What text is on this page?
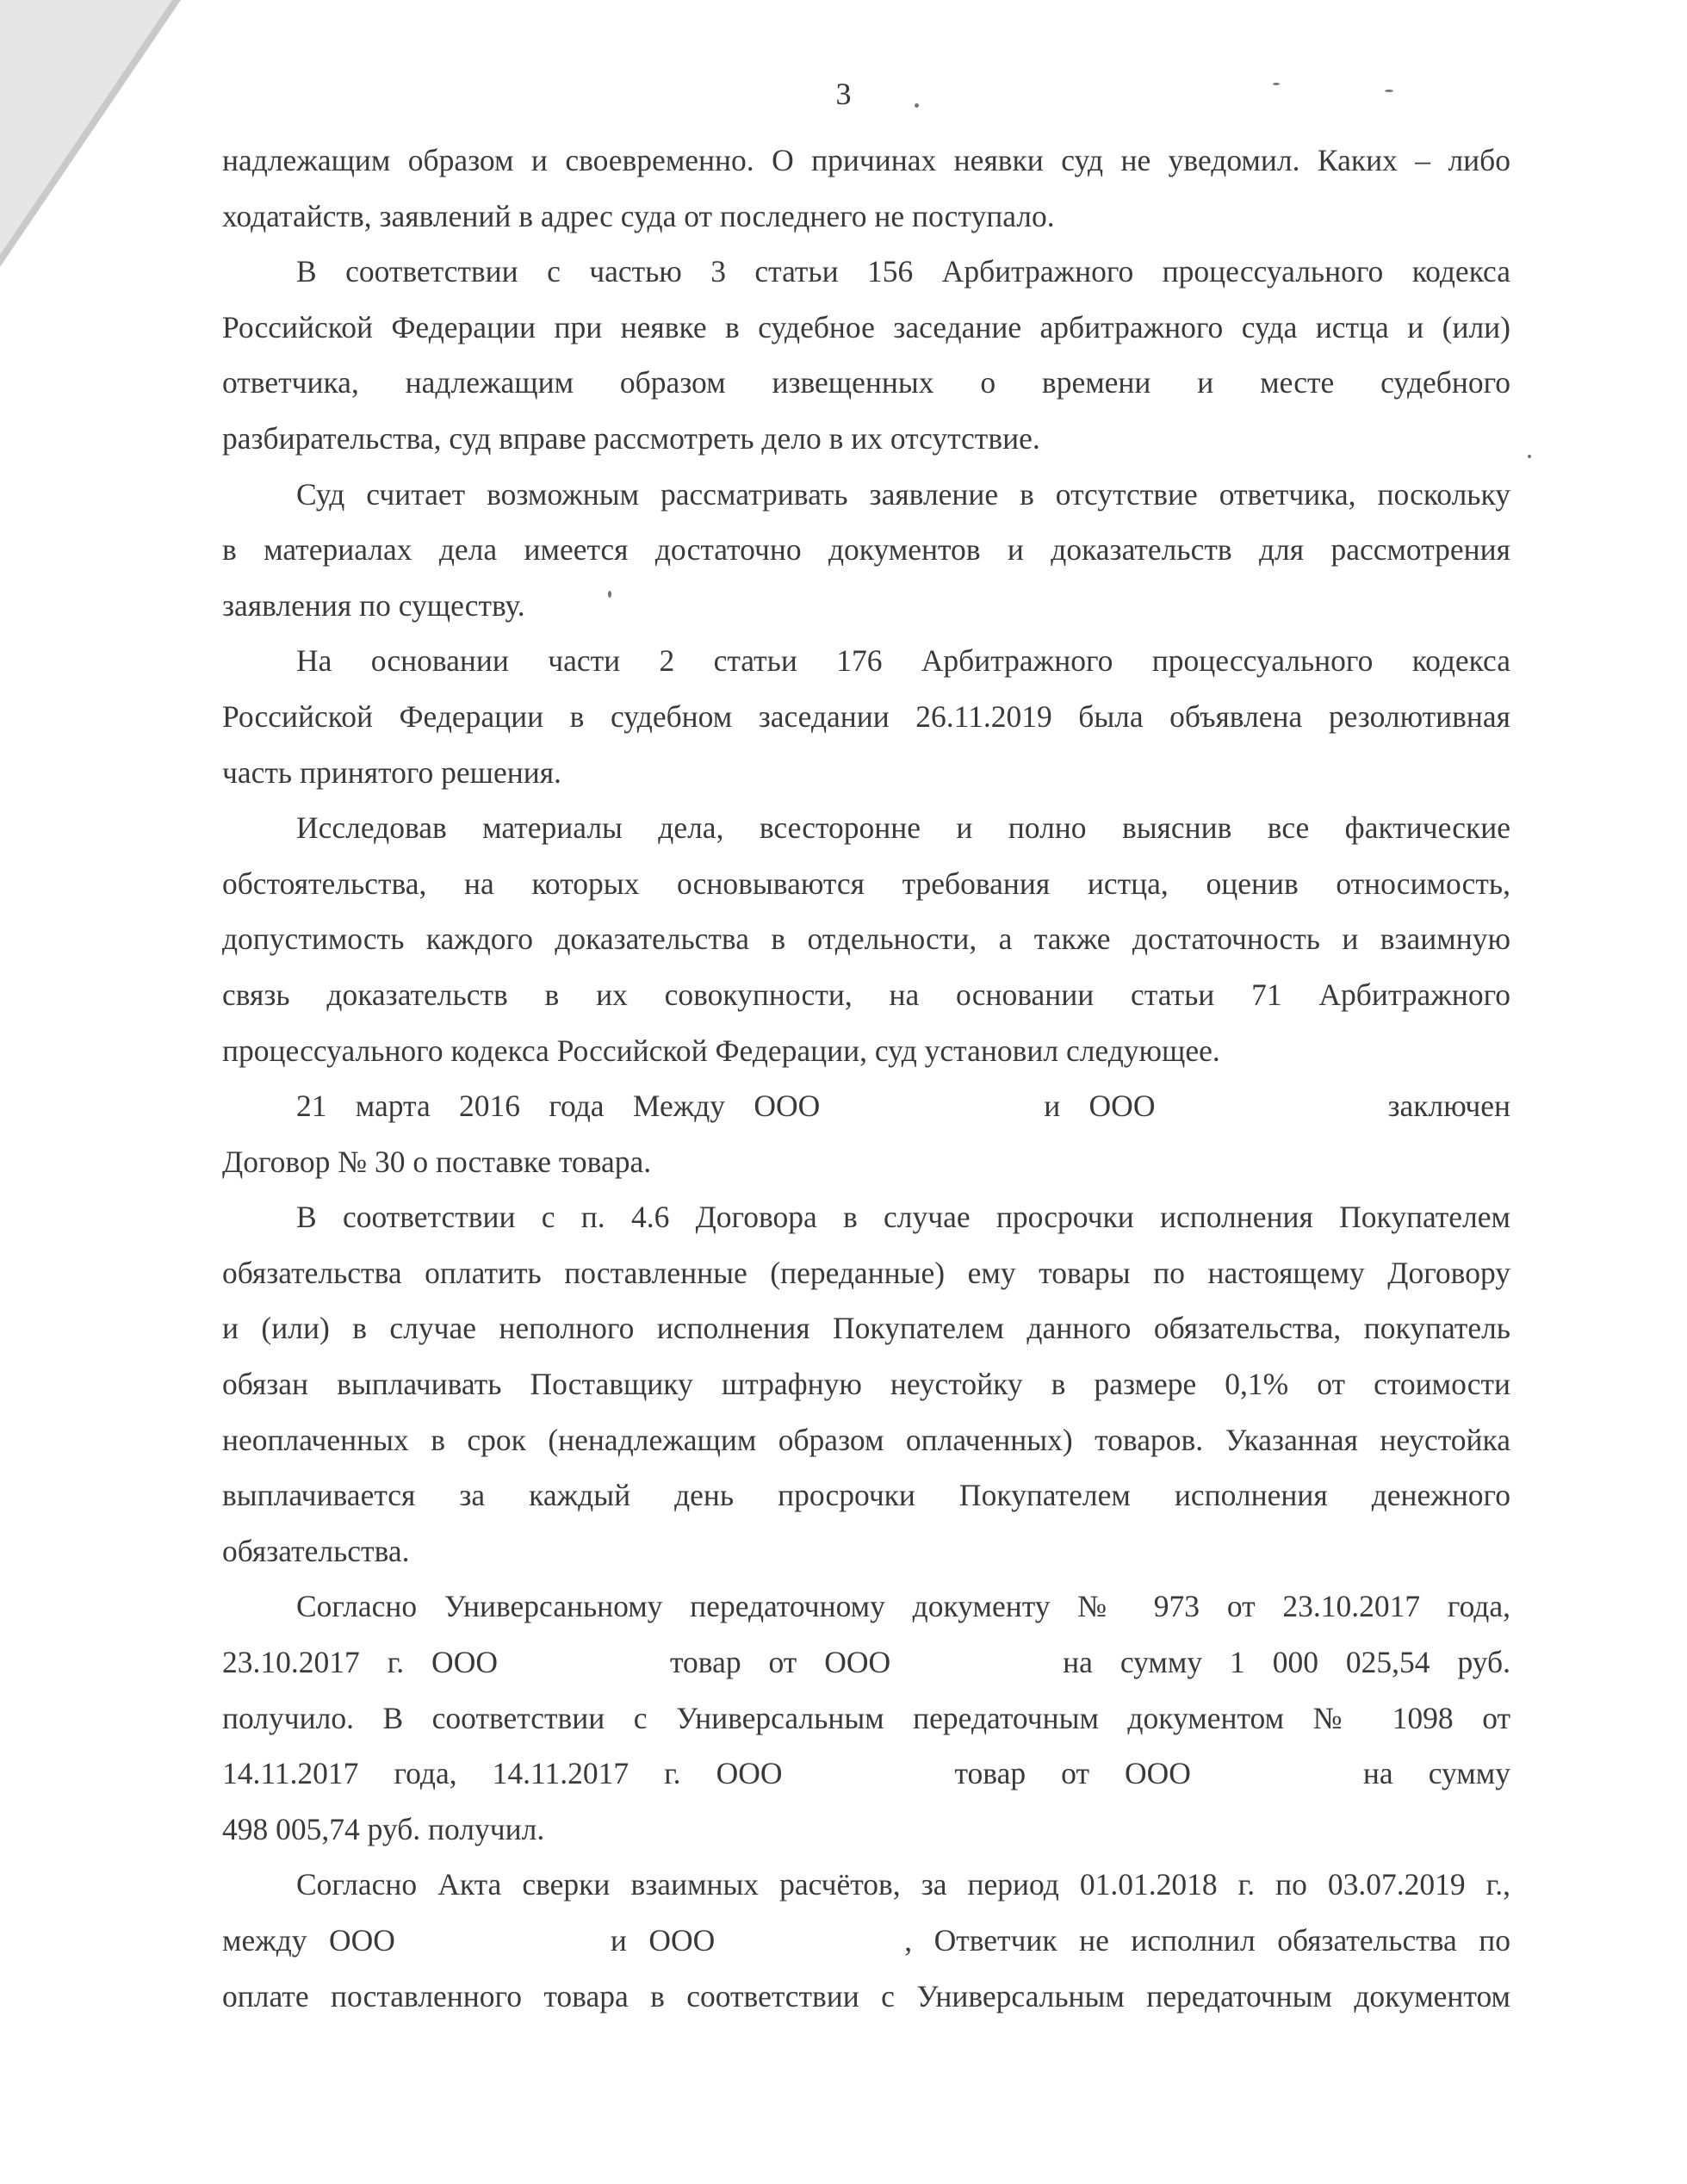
3
надлежащим образом и своевременно. О причинах неявки суд не уведомил. Каких – либо
ходатайств, заявлений в адрес суда от последнего не поступало.
В соответствии с частью 3 статьи 156 Арбитражного процессуального кодекса
Российской Федерации при неявке в судебное заседание арбитражного суда истца и (или)
ответчика, надлежащим образом извещенных о времени и месте судебного
разбирательства, суд вправе рассмотреть дело в их отсутствие.
Суд считает возможным рассматривать заявление в отсутствие ответчика, поскольку
в материалах дела имеется достаточно документов и доказательств для рассмотрения
заявления по существу.
На основании части 2 статьи 176 Арбитражного процессуального кодекса
Российской Федерации в судебном заседании 26.11.2019 была объявлена резолютивная
часть принятого решения.
Исследовав материалы дела, всесторонне и полно выяснив все фактические
обстоятельства, на которых основываются требования истца, оценив относимость,
допустимость каждого доказательства в отдельности, а также достаточность и взаимную
связь доказательств в их совокупности, на основании статьи 71 Арбитражного
процессуального кодекса Российской Федерации, суд установил следующее.
21 марта 2016 года Между ООО	и ООО	заключен
Договор № 30 о поставке товара.
В соответствии с п. 4.6 Договора в случае просрочки исполнения Покупателем
обязательства оплатить поставленные (переданные) ему товары по настоящему Договору
и (или) в случае неполного исполнения Покупателем данного обязательства, покупатель
обязан выплачивать Поставщику штрафную неустойку в размере 0,1% от стоимости
неоплаченных в срок (ненадлежащим образом оплаченных) товаров. Указанная неустойка
выплачивается за каждый день просрочки Покупателем исполнения денежного
обязательства.
Согласно Универсаньному передаточному документу № 973 от 23.10.2017 года,
23.10.2017 г. ООО	товар от ООО	на сумму 1 000 025,54 руб.
получило. В соответствии с Универсальным передаточным документом № 1098 от
14.11.2017 года, 14.11.2017 г. ООО	товар от ООО	на сумму
498 005,74 руб. получил.
Согласно Акта сверки взаимных расчётов, за период 01.01.2018 г. по 03.07.2019 г.,
между ООО	и ООО	, Ответчик не исполнил обязательства по
оплате поставленного товара в соответствии с Универсальным передаточным документом
